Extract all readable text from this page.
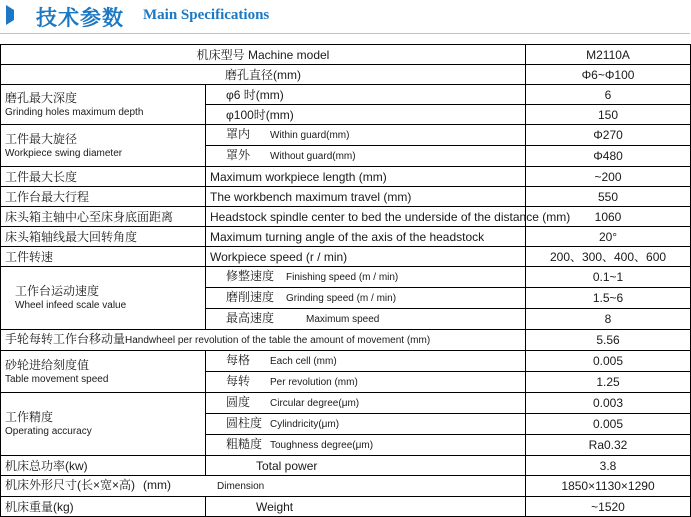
技术参数 Main Specifications
机床型号 Machine model		M2110A
磨孔直径(mm)		Φ6~Φ100

磨孔最大深度
Grinding holes maximum depth	φ6 时(mm)	6
	φ100时(mm)	150

工件最大旋径
Workpiece swing diameter	罩内 Within guard(mm)	Φ270
	罩外 Without guard(mm)	Φ480
工件最大长度	Maximum workpiece length (mm)	~200
工作台最大行程	The workbench maximum travel (mm)	550
床头箱主轴中心至床身底面距离	Headstock spindle center to bed the underside of the distance (mm)	1060
床头箱轴线最大回转角度	Maximum turning angle of the axis of the headstock	20°
工件转速	Workpiece speed (r / min)	200、300、400、600

工作台运动速度
Wheel infeed scale value	修整速度 Finishing speed (m / min)	0.1~1
	磨削速度 Grinding speed (m / min)	1.5~6
	最高速度 Maximum speed	8
手轮每转工作台移动量Handwheel per revolution of the table the amount of movement (mm)		5.56

砂轮进给刻度值
Table movement speed	每格 Each cell (mm)	0.005
	每转 Per revolution (mm)	1.25

工作精度
Operating accuracy	圆度 Circular degree(μm)	0.003
	圆柱度 Cylindricity(μm)	0.005
	粗糙度 Toughness degree(μm)	Ra0.32
机床总功率(kw)	Total power	3.8
机床外形尺寸(长×宽×高) (mm) Dimension		1850×1130×1290
机床重量(kg)	Weight	~1520
